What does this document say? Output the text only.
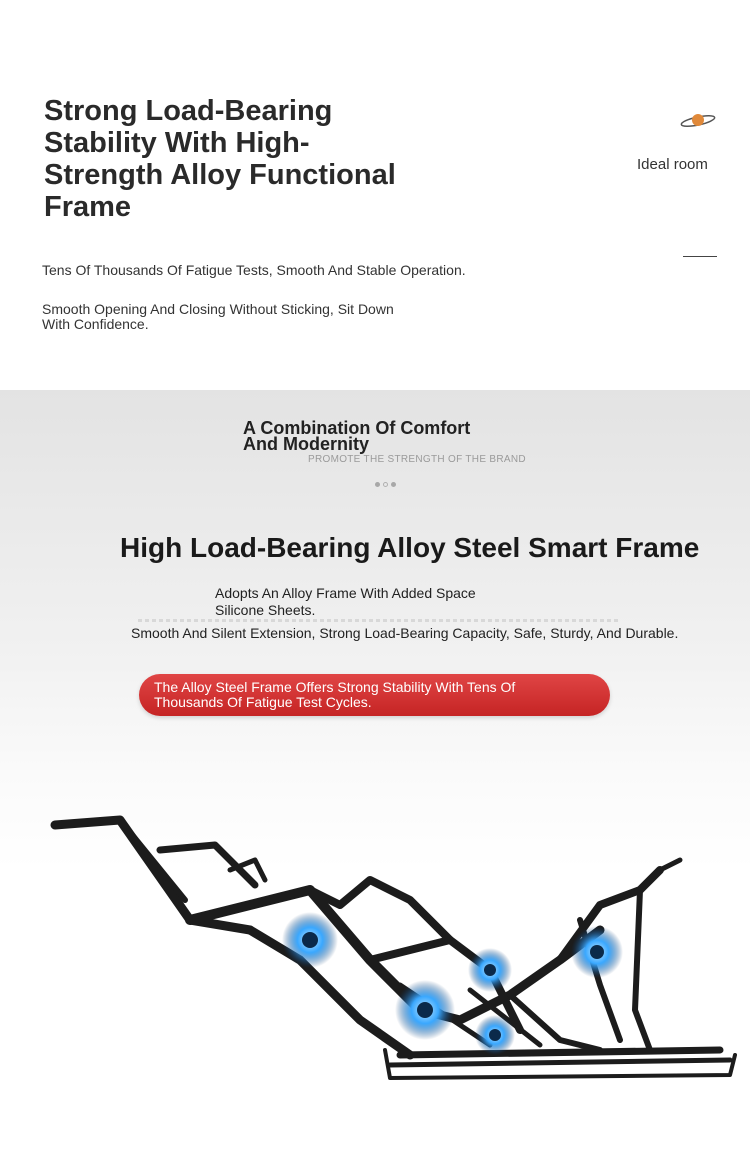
Strong Load-Bearing Stability With High-Strength Alloy Functional Frame

Tens Of Thousands Of Fatigue Tests, Smooth And Stable Operation.

Smooth Opening And Closing Without Sticking, Sit Down With Confidence.

Ideal room
A Combination Of Comfort And Modernity
PROMOTE THE STRENGTH OF THE BRAND
High Load-Bearing Alloy Steel Smart Frame

Adopts An Alloy Frame With Added Space Silicone Sheets.

Smooth And Silent Extension, Strong Load-Bearing Capacity, Safe, Sturdy, And Durable.

The Alloy Steel Frame Offers Strong Stability With Tens Of Thousands Of Fatigue Test Cycles.
